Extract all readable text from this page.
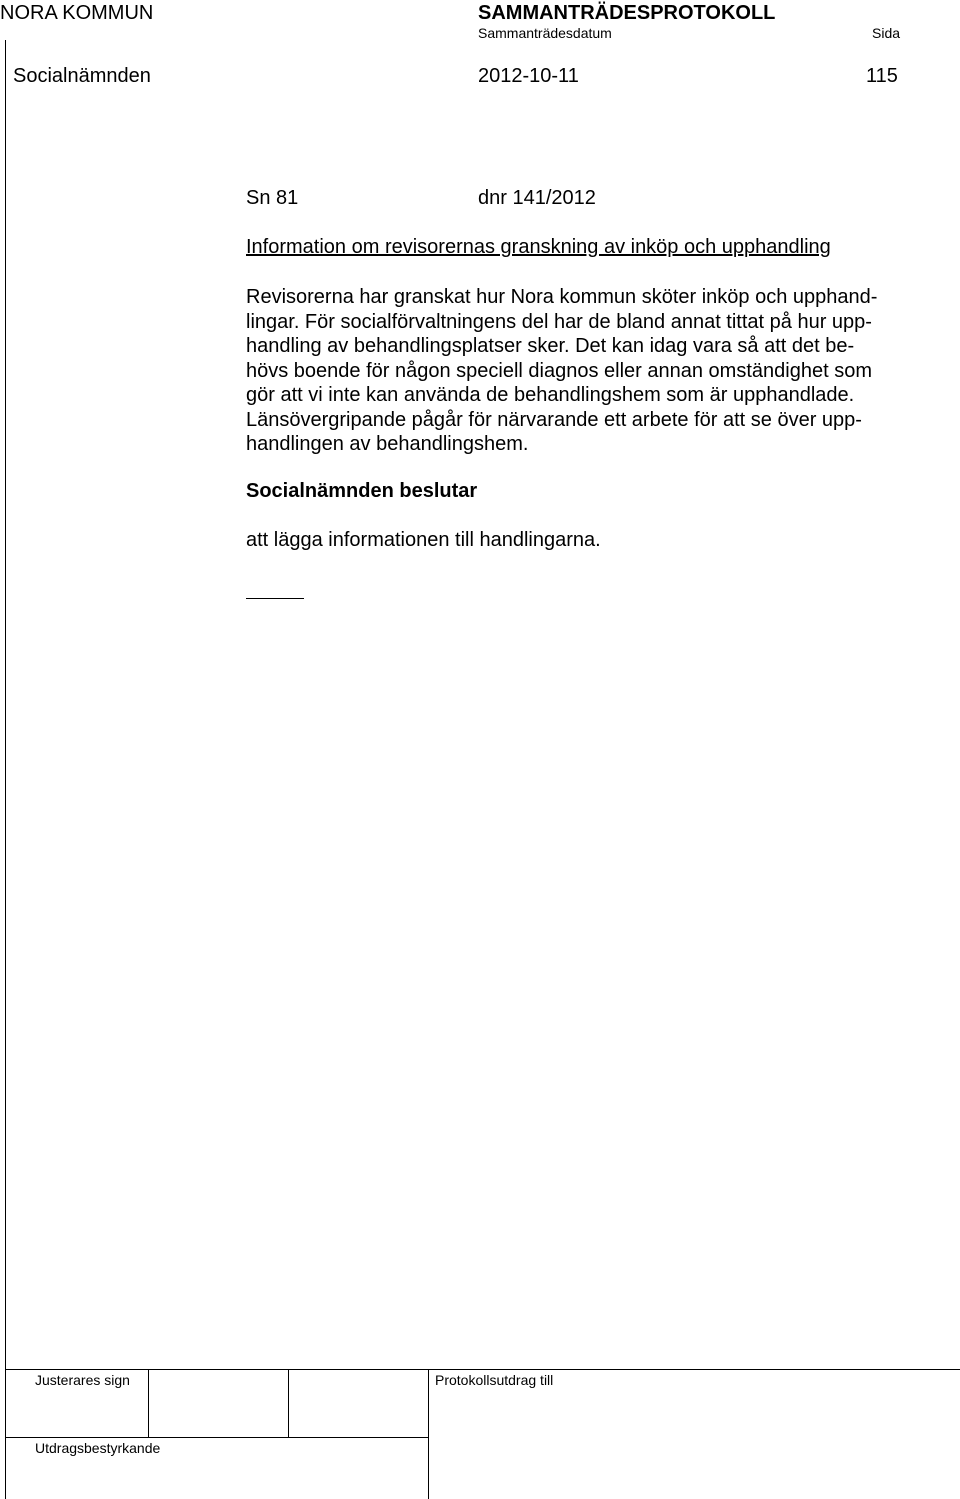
NORA KOMMUN	SAMMANTRÄDESPROTOKOLL
Sammanträdesdatum	Sida
Socialnämnden	2012-10-11	115
Sn 81	dnr 141/2012
Information om revisorernas granskning av inköp och upphandling
Revisorerna har granskat hur Nora kommun sköter inköp och upphand-
lingar. För socialförvaltningens del har de bland annat tittat på hur upp-
handling av behandlingsplatser sker. Det kan idag vara så att det be-
hövs boende för någon speciell diagnos eller annan omständighet som
gör att vi inte kan använda de behandlingshem som är upphandlade.
Länsövergripande pågår för närvarande ett arbete för att se över upp-
handlingen av behandlingshem.
Socialnämnden beslutar
att lägga informationen till handlingarna.
Justerares sign	Protokollsutdrag till
Utdragsbestyrkande
